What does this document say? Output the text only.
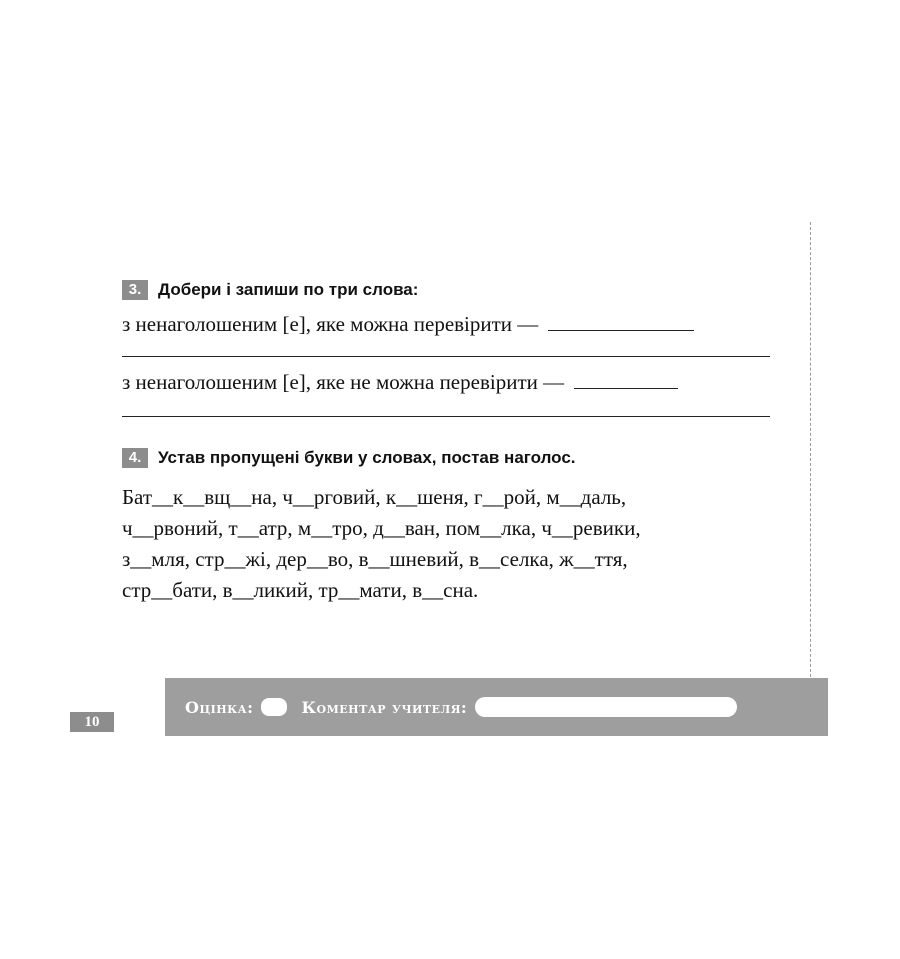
3. Добери і запиши по три слова:
з ненаголошеним [е], яке можна перевірити —
з ненаголошеним [е], яке не можна перевірити —
4. Устав пропущені букви у словах, постав наголос.
Бат__к__вщ__на, ч__рговий, к__шеня, г__рой, м__даль,
ч__рвоний, т__атр, м__тро, д__ван, пом__лка, ч__ревики,
з__мля, стр__жі, дер__во, в__шневий, в__селка, ж__ття,
стр__бати, в__ликий, тр__мати, в__сна.
Оцінка:	Коментар учителя:
10
